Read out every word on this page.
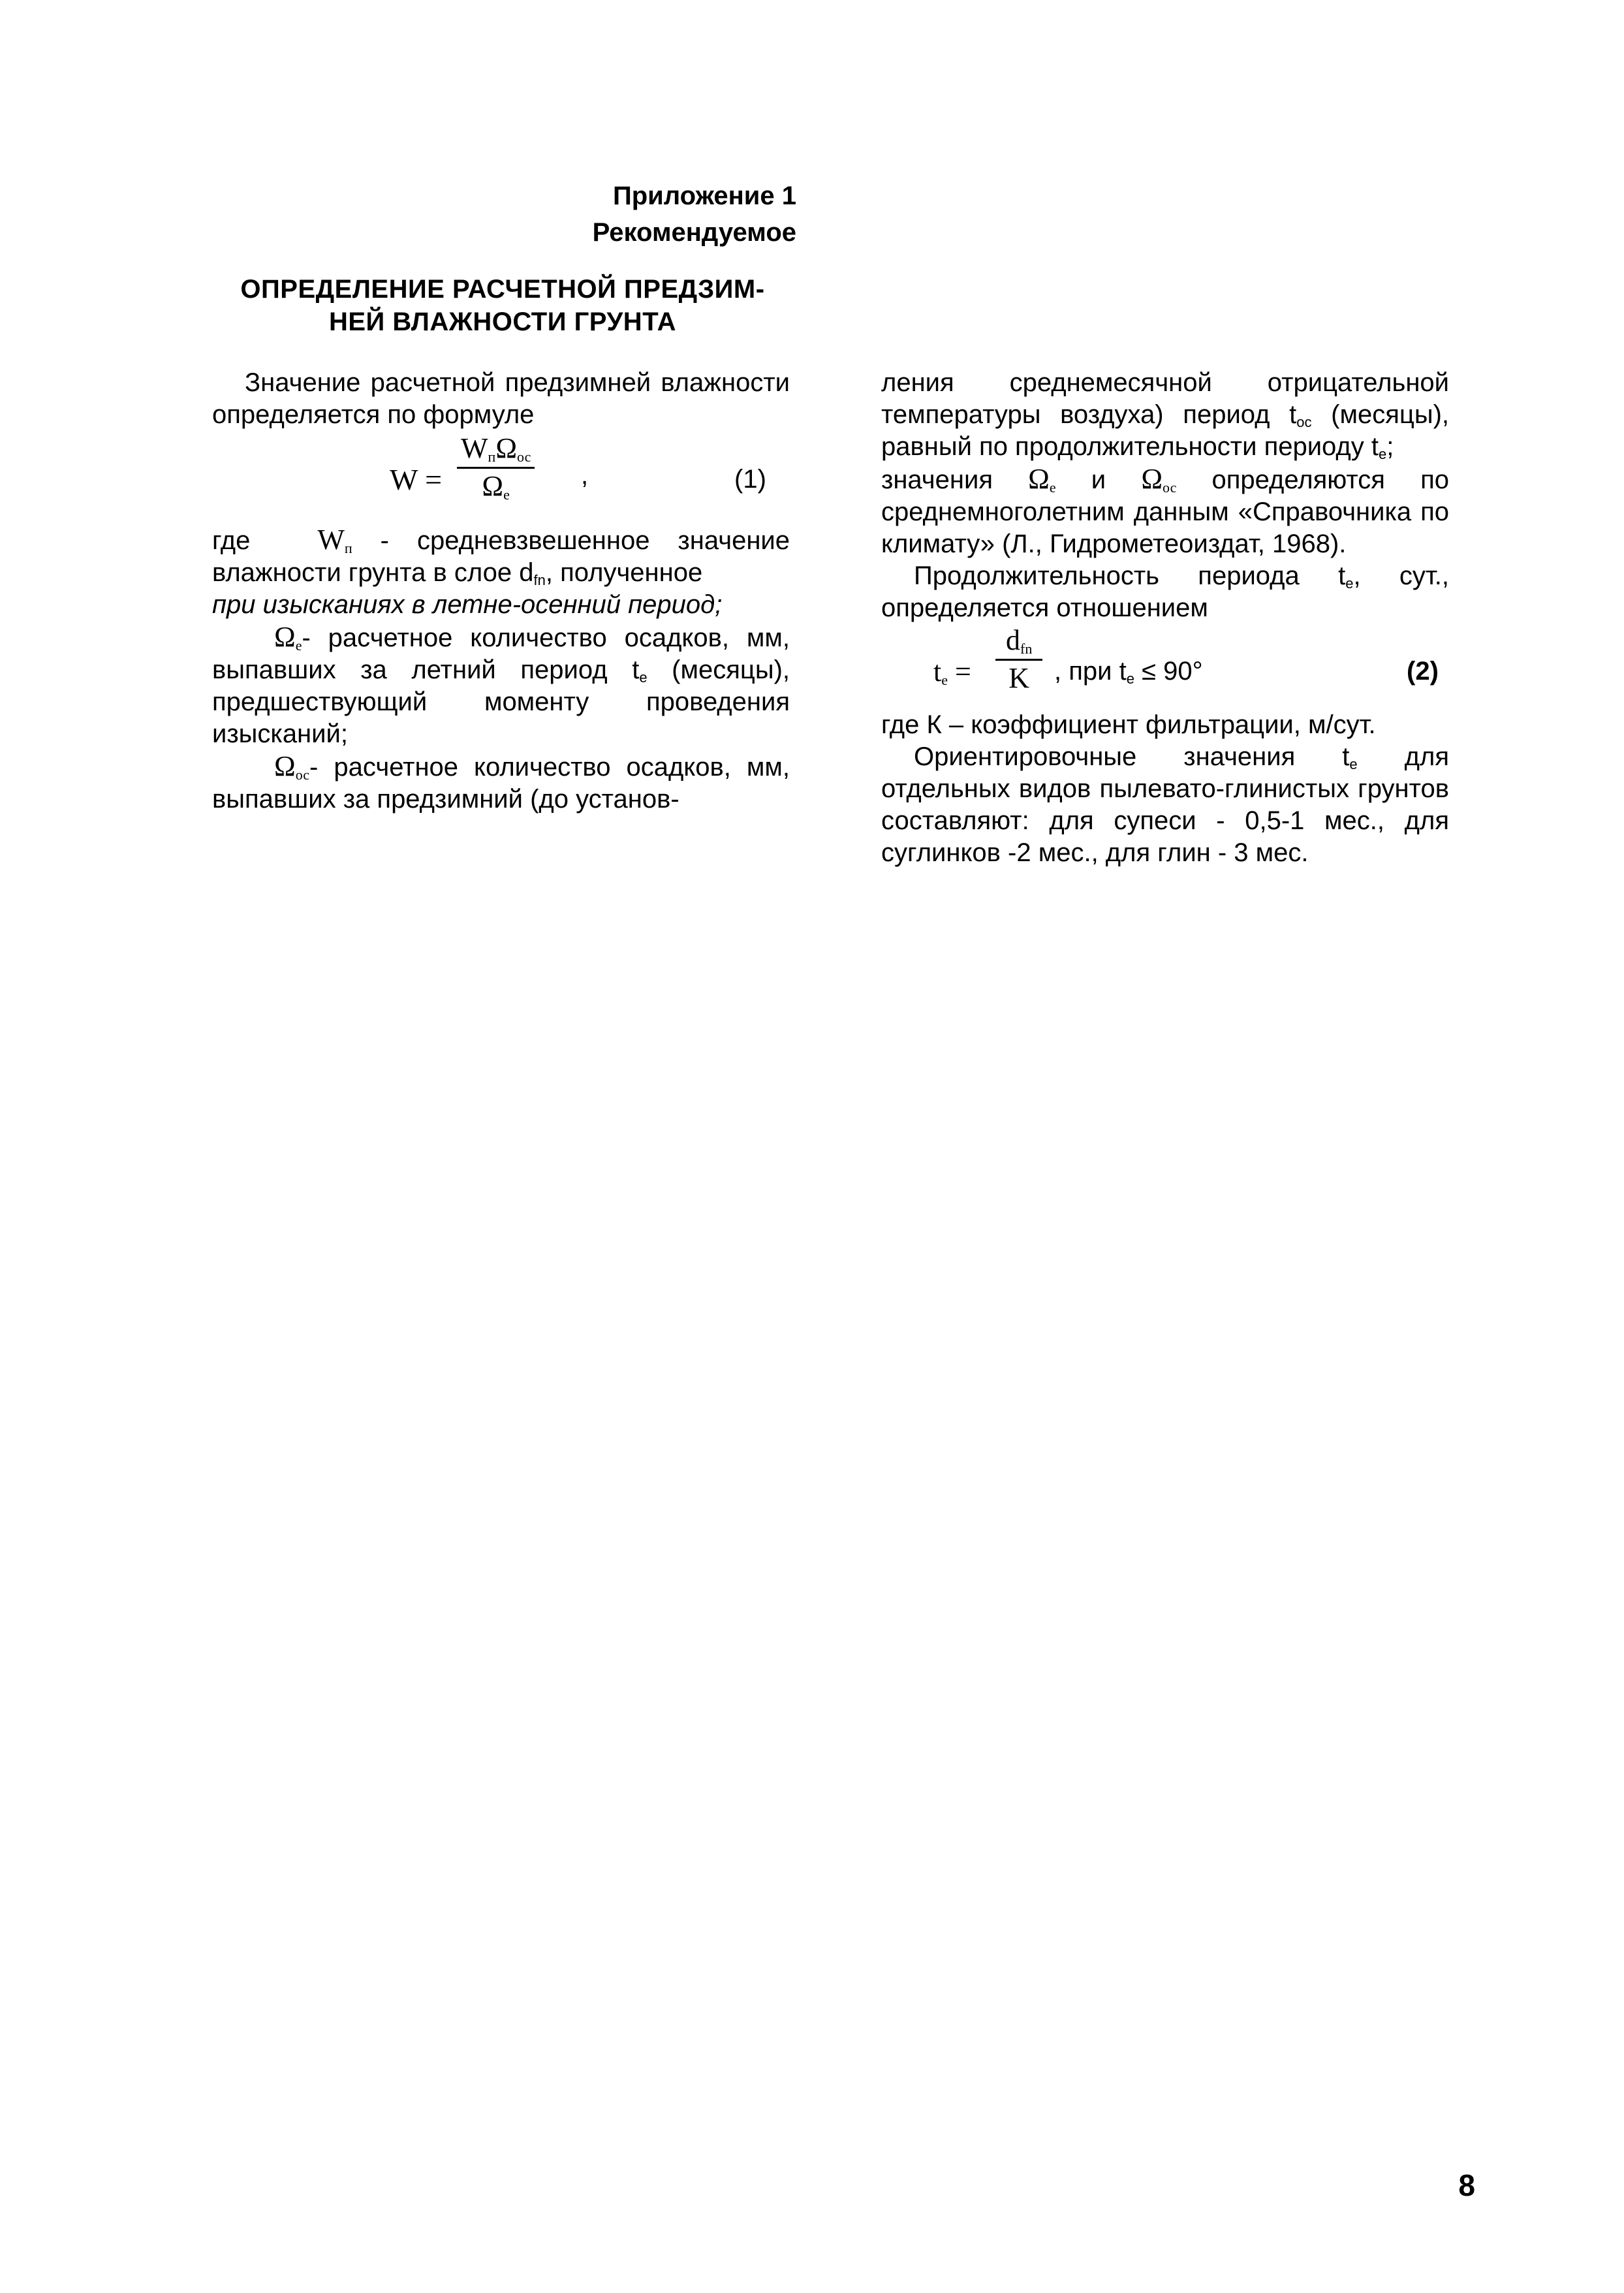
Приложение 1
Рекомендуемое
ОПРЕДЕЛЕНИЕ РАСЧЕТНОЙ ПРЕДЗИМ-
НЕЙ ВЛАЖНОСТИ ГРУНТА

Значение расчетной предзимней влажности определяется по формуле

W =
$W_п\Omega_{ос}$
$\Omega_е$
,	(1)

где $W_п$ - средневзвешенное значение

влажности грунта в слое $d_{fn}$, полученное

при изысканиях в летне-осенний период;

$\Omega_е-$ расчетное количество осадков, мм, выпавших за летний период $t_е$ (месяцы), предшествующий моменту проведения изысканий;

$\Omega_{ос}-$ расчетное количество осадков, мм, выпавших за предзимний (до установ-

ления среднемесячной отрицательной температуры воздуха) период $t_{ос}$ (месяцы), равный по продолжительности периоду $t_е$;

значения $\Omega_е$ и $\Omega_{ос}$ определяются по среднемноголетним данным «Справочника по климату» (Л., Гидрометеоиздат, 1968).

Продолжительность периода $t_е$, сут., определяется отношением

$t_е$ =
$d_{fn}$
K , при $t_е \le 90^\circ$	(2)

где К – коэффициент фильтрации, м/сут.

Ориентировочные значения $t_е$ для отдельных видов пылевато-глинистых грунтов составляют: для супеси - 0,5-1 мес., для суглинков -2 мес., для глин - 3 мес.

8
